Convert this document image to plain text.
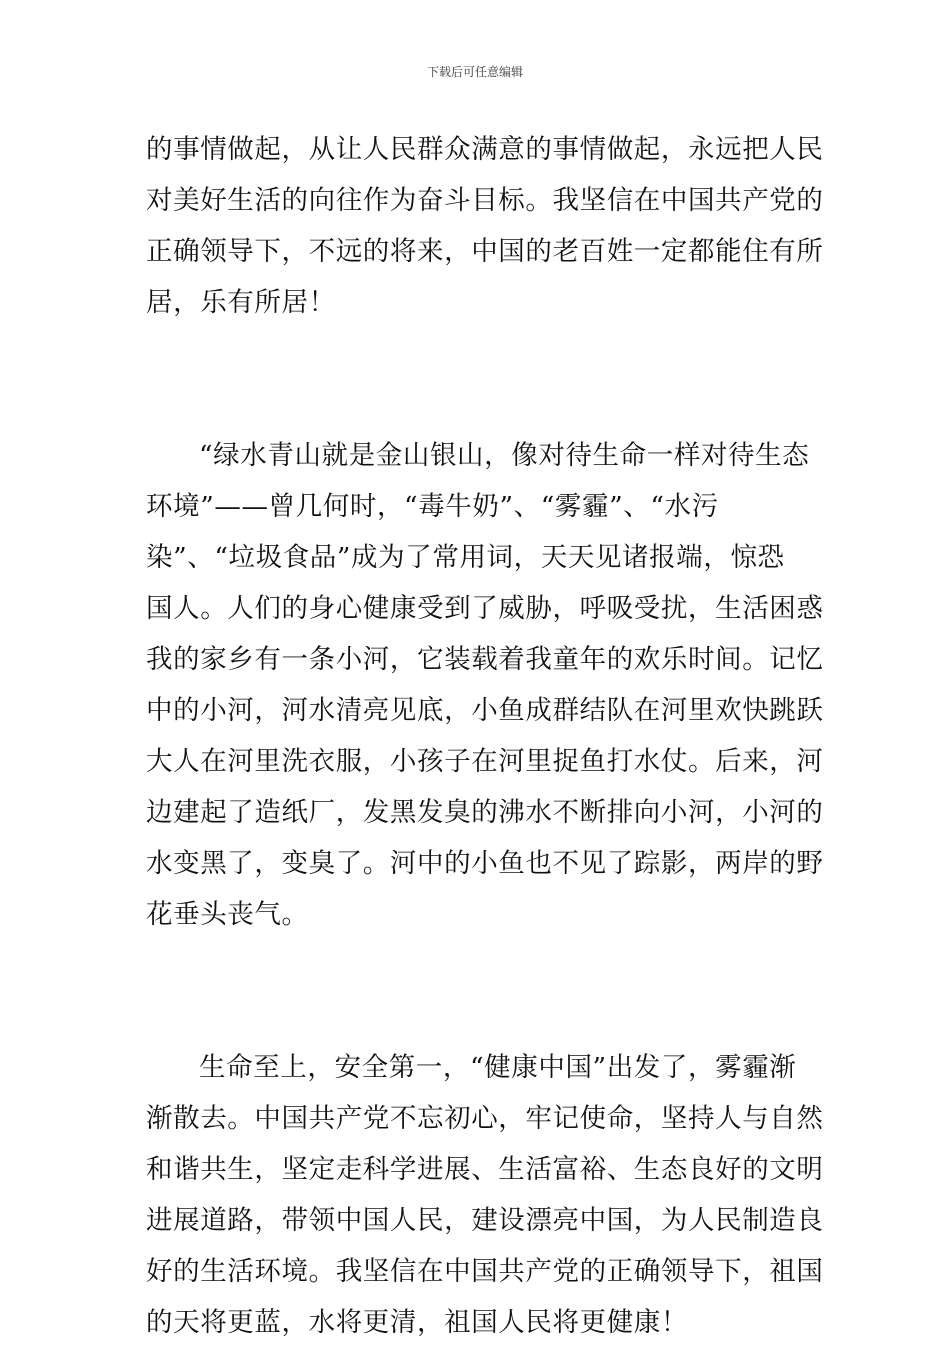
下载后可任意编辑
的事情做起，从让人民群众满意的事情做起，永远把人民
对美好生活的向往作为奋斗目标。我坚信在中国共产党的
正确领导下，不远的将来，中国的老百姓一定都能住有所
居，乐有所居！
“绿水青山就是金山银山，像对待生命一样对待生态
环境”——曾几何时，“毒牛奶”、“雾霾”、“水污
染”、“垃圾食品”成为了常用词，天天见诸报端，惊恐
国人。人们的身心健康受到了威胁，呼吸受扰，生活困惑
我的家乡有一条小河，它装载着我童年的欢乐时间。记忆
中的小河，河水清亮见底，小鱼成群结队在河里欢快跳跃
大人在河里洗衣服，小孩子在河里捉鱼打水仗。后来，河
边建起了造纸厂，发黑发臭的沸水不断排向小河，小河的
水变黑了，变臭了。河中的小鱼也不见了踪影，两岸的野
花垂头丧气。
生命至上，安全第一，“健康中国”出发了，雾霾渐
渐散去。中国共产党不忘初心，牢记使命，坚持人与自然
和谐共生，坚定走科学进展、生活富裕、生态良好的文明
进展道路，带领中国人民，建设漂亮中国，为人民制造良
好的生活环境。我坚信在中国共产党的正确领导下，祖国
的天将更蓝，水将更清，祖国人民将更健康！
